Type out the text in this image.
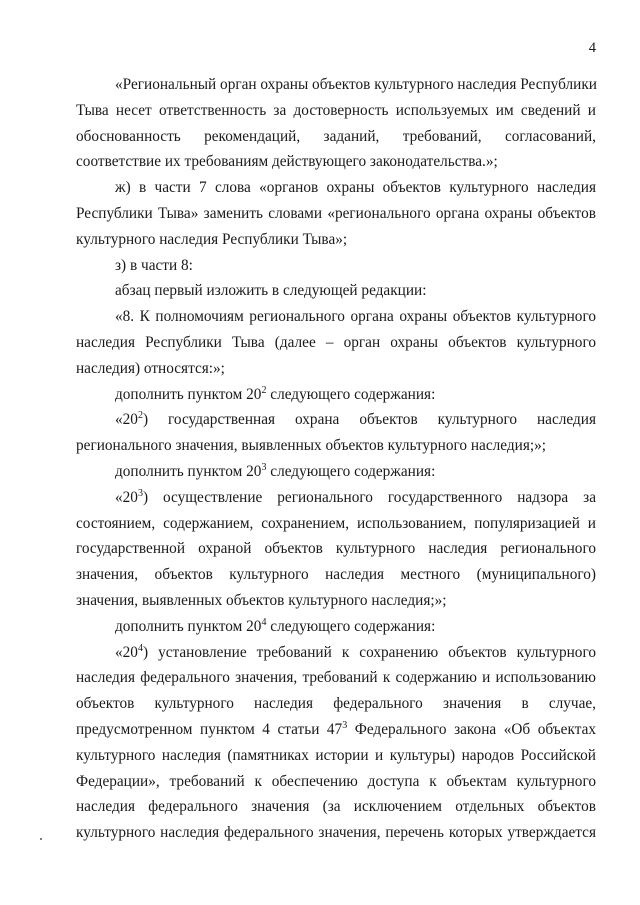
4
«Региональный орган охраны объектов культурного наследия Республики
Тыва несет ответственность за достоверность используемых им сведений и
обоснованность рекомендаций, заданий, требований, согласований,
соответствие их требованиям действующего законодательства.»;
ж) в части 7 слова «органов охраны объектов культурного наследия
Республики Тыва» заменить словами «регионального органа охраны объектов
культурного наследия Республики Тыва»;
з) в части 8:
абзац первый изложить в следующей редакции:
«8. К полномочиям регионального органа охраны объектов культурного
наследия Республики Тыва (далее – орган охраны объектов культурного
наследия) относятся:»;
дополнить пунктом $20^2$ следующего содержания:
«$20^2$) государственная охрана объектов культурного наследия
регионального значения, выявленных объектов культурного наследия;»;
дополнить пунктом $20^3$ следующего содержания:
«$20^3$) осуществление регионального государственного надзора за
состоянием, содержанием, сохранением, использованием, популяризацией и
государственной охраной объектов культурного наследия регионального
значения, объектов культурного наследия местного (муниципального)
значения, выявленных объектов культурного наследия;»;
дополнить пунктом $20^4$ следующего содержания:
«$20^4$) установление требований к сохранению объектов культурного
наследия федерального значения, требований к содержанию и использованию
объектов культурного наследия федерального значения в случае,
предусмотренном пунктом 4 статьи $47^3$ Федерального закона «Об объектах
культурного наследия (памятниках истории и культуры) народов Российской
Федерации», требований к обеспечению доступа к объектам культурного
наследия федерального значения (за исключением отдельных объектов
культурного наследия федерального значения, перечень которых утверждается
